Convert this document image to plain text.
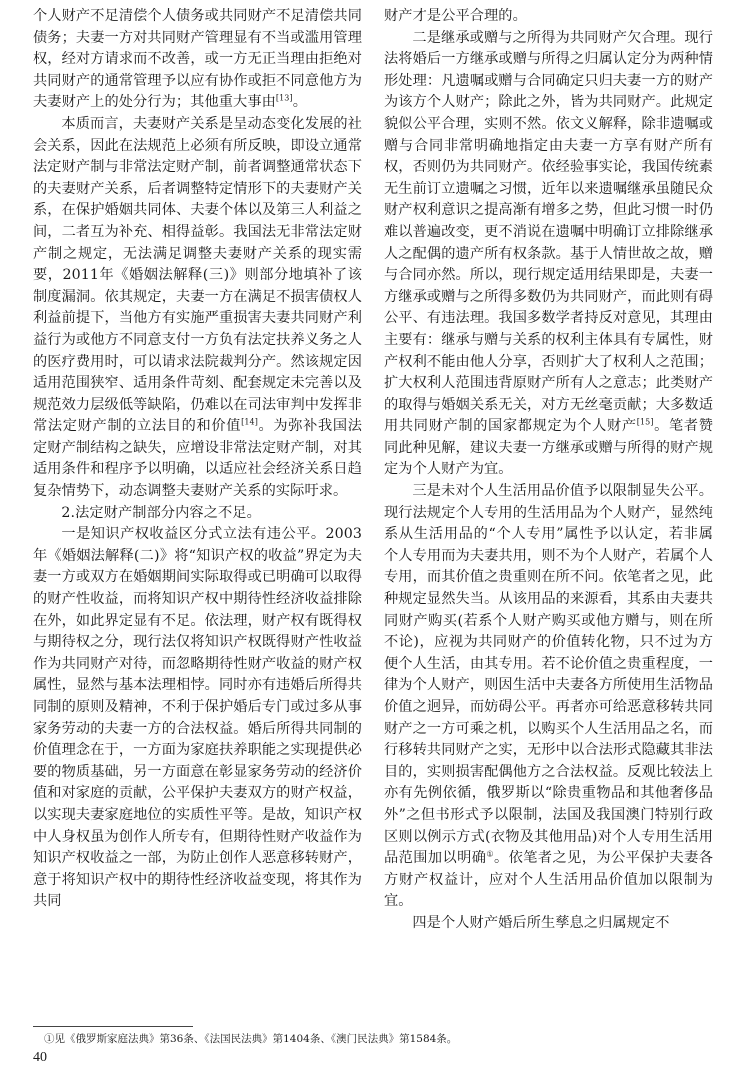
个人财产不足清偿个人债务或共同财产不足清偿共同债务；夫妻一方对共同财产管理显有不当或滥用管理权，经对方请求而不改善，或一方无正当理由拒绝对共同财产的通常管理予以应有协作或拒不同意他方为夫妻财产上的处分行为；其他重大事由[13]。

本质而言，夫妻财产关系是呈动态变化发展的社会关系，因此在法规范上必须有所反映，即设立通常法定财产制与非常法定财产制，前者调整通常状态下的夫妻财产关系，后者调整特定情形下的夫妻财产关系，在保护婚姻共同体、夫妻个体以及第三人利益之间，二者互为补充、相得益彰。我国法无非常法定财产制之规定，无法满足调整夫妻财产关系的现实需要，2011年《婚姻法解释(三)》则部分地填补了该制度漏洞。依其规定，夫妻一方在满足不损害债权人利益前提下，当他方有实施严重损害夫妻共同财产利益行为或他方不同意支付一方负有法定扶养义务之人的医疗费用时，可以请求法院裁判分产。然该规定因适用范围狭窄、适用条件苛刻、配套规定未完善以及规范效力层级低等缺陷，仍难以在司法审判中发挥非常法定财产制的立法目的和价值[14]。为弥补我国法定财产制结构之缺失，应增设非常法定财产制，对其适用条件和程序予以明确，以适应社会经济关系日趋复杂情势下，动态调整夫妻财产关系的实际吁求。

2.法定财产制部分内容之不足。

一是知识产权收益区分式立法有违公平。2003年《婚姻法解释(二)》将“知识产权的收益”界定为夫妻一方或双方在婚姻期间实际取得或已明确可以取得的财产性收益，而将知识产权中期待性经济收益排除在外，如此界定显有不足。依法理，财产权有既得权与期待权之分，现行法仅将知识产权既得财产性收益作为共同财产对待，而忽略期待性财产收益的财产权属性，显然与基本法理相悖。同时亦有违婚后所得共同制的原则及精神，不利于保护婚后专门或过多从事家务劳动的夫妻一方的合法权益。婚后所得共同制的价值理念在于，一方面为家庭扶养职能之实现提供必要的物质基础，另一方面意在彰显家务劳动的经济价值和对家庭的贡献，公平保护夫妻双方的财产权益，以实现夫妻家庭地位的实质性平等。是故，知识产权中人身权虽为创作人所专有，但期待性财产收益作为知识产权收益之一部，为防止创作人恶意移转财产，意于将知识产权中的期待性经济收益变现，将其作为共同

财产才是公平合理的。

二是继承或赠与之所得为共同财产欠合理。现行法将婚后一方继承或赠与所得之归属认定分为两种情形处理：凡遗嘱或赠与合同确定只归夫妻一方的财产为该方个人财产；除此之外，皆为共同财产。此规定貌似公平合理，实则不然。依文义解释，除非遗嘱或赠与合同非常明确地指定由夫妻一方享有财产所有权，否则仍为共同财产。依经验事实论，我国传统素无生前订立遗嘱之习惯，近年以来遗嘱继承虽随民众财产权利意识之提高渐有增多之势，但此习惯一时仍难以普遍改变，更不消说在遗嘱中明确订立排除继承人之配偶的遗产所有权条款。基于人情世故之故，赠与合同亦然。所以，现行规定适用结果即是，夫妻一方继承或赠与之所得多数仍为共同财产，而此则有碍公平、有违法理。我国多数学者持反对意见，其理由主要有：继承与赠与关系的权利主体具有专属性，财产权利不能由他人分享，否则扩大了权利人之范围；扩大权利人范围违背原财产所有人之意志；此类财产的取得与婚姻关系无关，对方无丝毫贡献；大多数适用共同财产制的国家都规定为个人财产[15]。笔者赞同此种见解，建议夫妻一方继承或赠与所得的财产规定为个人财产为宜。

三是未对个人生活用品价值予以限制显失公平。现行法规定个人专用的生活用品为个人财产，显然纯系从生活用品的“个人专用”属性予以认定，若非属个人专用而为夫妻共用，则不为个人财产，若属个人专用，而其价值之贵重则在所不问。依笔者之见，此种规定显然失当。从该用品的来源看，其系由夫妻共同财产购买(若系个人财产购买或他方赠与，则在所不论)，应视为共同财产的价值转化物，只不过为方便个人生活，由其专用。若不论价值之贵重程度，一律为个人财产，则因生活中夫妻各方所使用生活物品价值之迥异，而妨碍公平。再者亦可给恶意移转共同财产之一方可乘之机，以购买个人生活用品之名，而行移转共同财产之实，无形中以合法形式隐藏其非法目的，实则损害配偶他方之合法权益。反观比较法上亦有先例依循，俄罗斯以“除贵重物品和其他奢侈品外”之但书形式予以限制，法国及我国澳门特别行政区则以例示方式(衣物及其他用品)对个人专用生活用品范围加以明确①。依笔者之见，为公平保护夫妻各方财产权益计，应对个人生活用品价值加以限制为宜。

四是个人财产婚后所生孳息之归属规定不

①见《俄罗斯家庭法典》第36条、《法国民法典》第1404条、《澳门民法典》第1584条。
40
